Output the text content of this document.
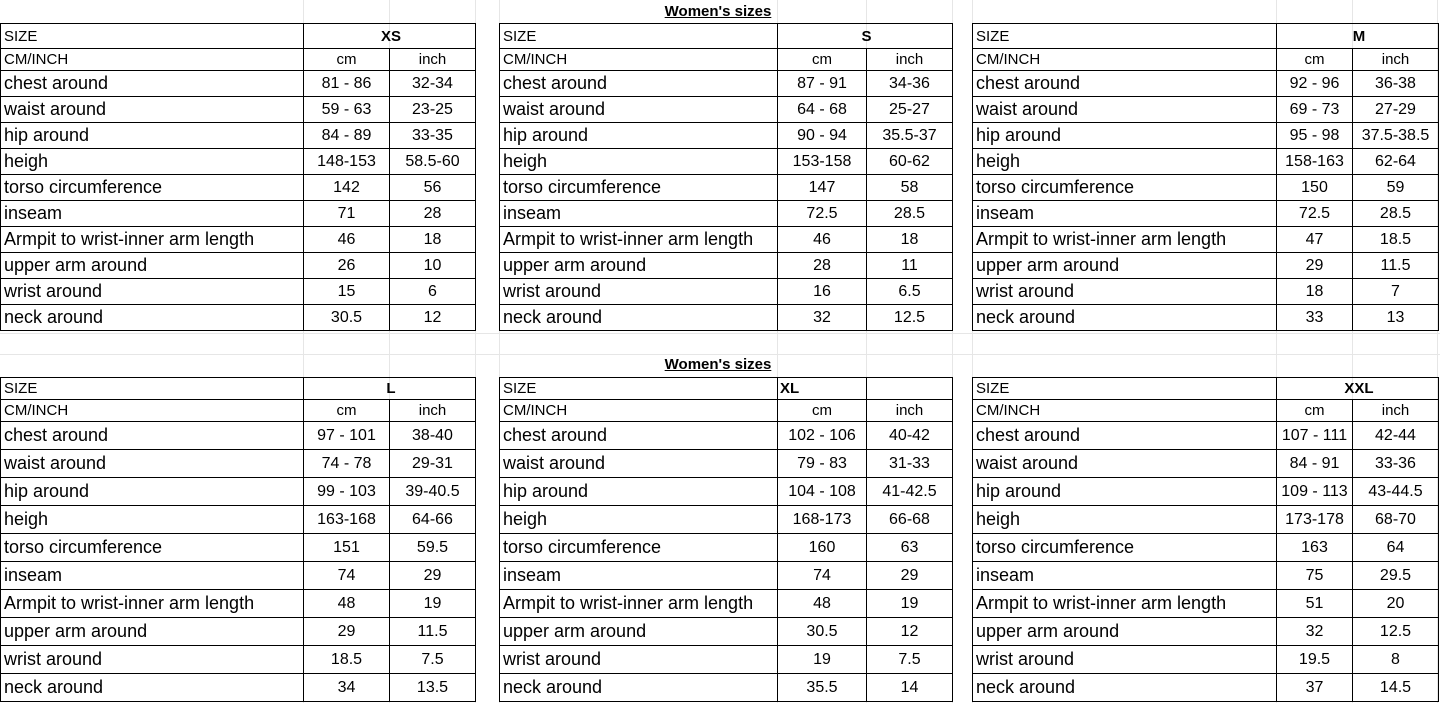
Women's sizes
Women's sizes
SIZE	XS	
CM/INCH	cm	inch
chest around	81 - 86	32-34
waist around	59 - 63	23-25
hip around	84 - 89	33-35
heigh	148-153	58.5-60
torso circumference	142	56
inseam	71	28
Armpit to wrist-inner arm length	46	18
upper arm around	26	10
wrist around	15	6
neck around	30.5	12
SIZE	S	
CM/INCH	cm	inch
chest around	87 - 91	34-36
waist around	64 - 68	25-27
hip around	90 - 94	35.5-37
heigh	153-158	60-62
torso circumference	147	58
inseam	72.5	28.5
Armpit to wrist-inner arm length	46	18
upper arm around	28	11
wrist around	16	6.5
neck around	32	12.5
SIZE	M	
CM/INCH	cm	inch
chest around	92 - 96	36-38
waist around	69 - 73	27-29
hip around	95 - 98	37.5-38.5
heigh	158-163	62-64
torso circumference	150	59
inseam	72.5	28.5
Armpit to wrist-inner arm length	47	18.5
upper arm around	29	11.5
wrist around	18	7
neck around	33	13
SIZE	L	
CM/INCH	cm	inch
chest around	97 - 101	38-40
waist around	74 - 78	29-31
hip around	99 - 103	39-40.5
heigh	163-168	64-66
torso circumference	151	59.5
inseam	74	29
Armpit to wrist-inner arm length	48	19
upper arm around	29	11.5
wrist around	18.5	7.5
neck around	34	13.5
SIZE	XL	
CM/INCH	cm	inch
chest around	102 - 106	40-42
waist around	79 - 83	31-33
hip around	104 - 108	41-42.5
heigh	168-173	66-68
torso circumference	160	63
inseam	74	29
Armpit to wrist-inner arm length	48	19
upper arm around	30.5	12
wrist around	19	7.5
neck around	35.5	14
SIZE	XXL	
CM/INCH	cm	inch
chest around	107 - 111	42-44
waist around	84 - 91	33-36
hip around	109 - 113	43-44.5
heigh	173-178	68-70
torso circumference	163	64
inseam	75	29.5
Armpit to wrist-inner arm length	51	20
upper arm around	32	12.5
wrist around	19.5	8
neck around	37	14.5
